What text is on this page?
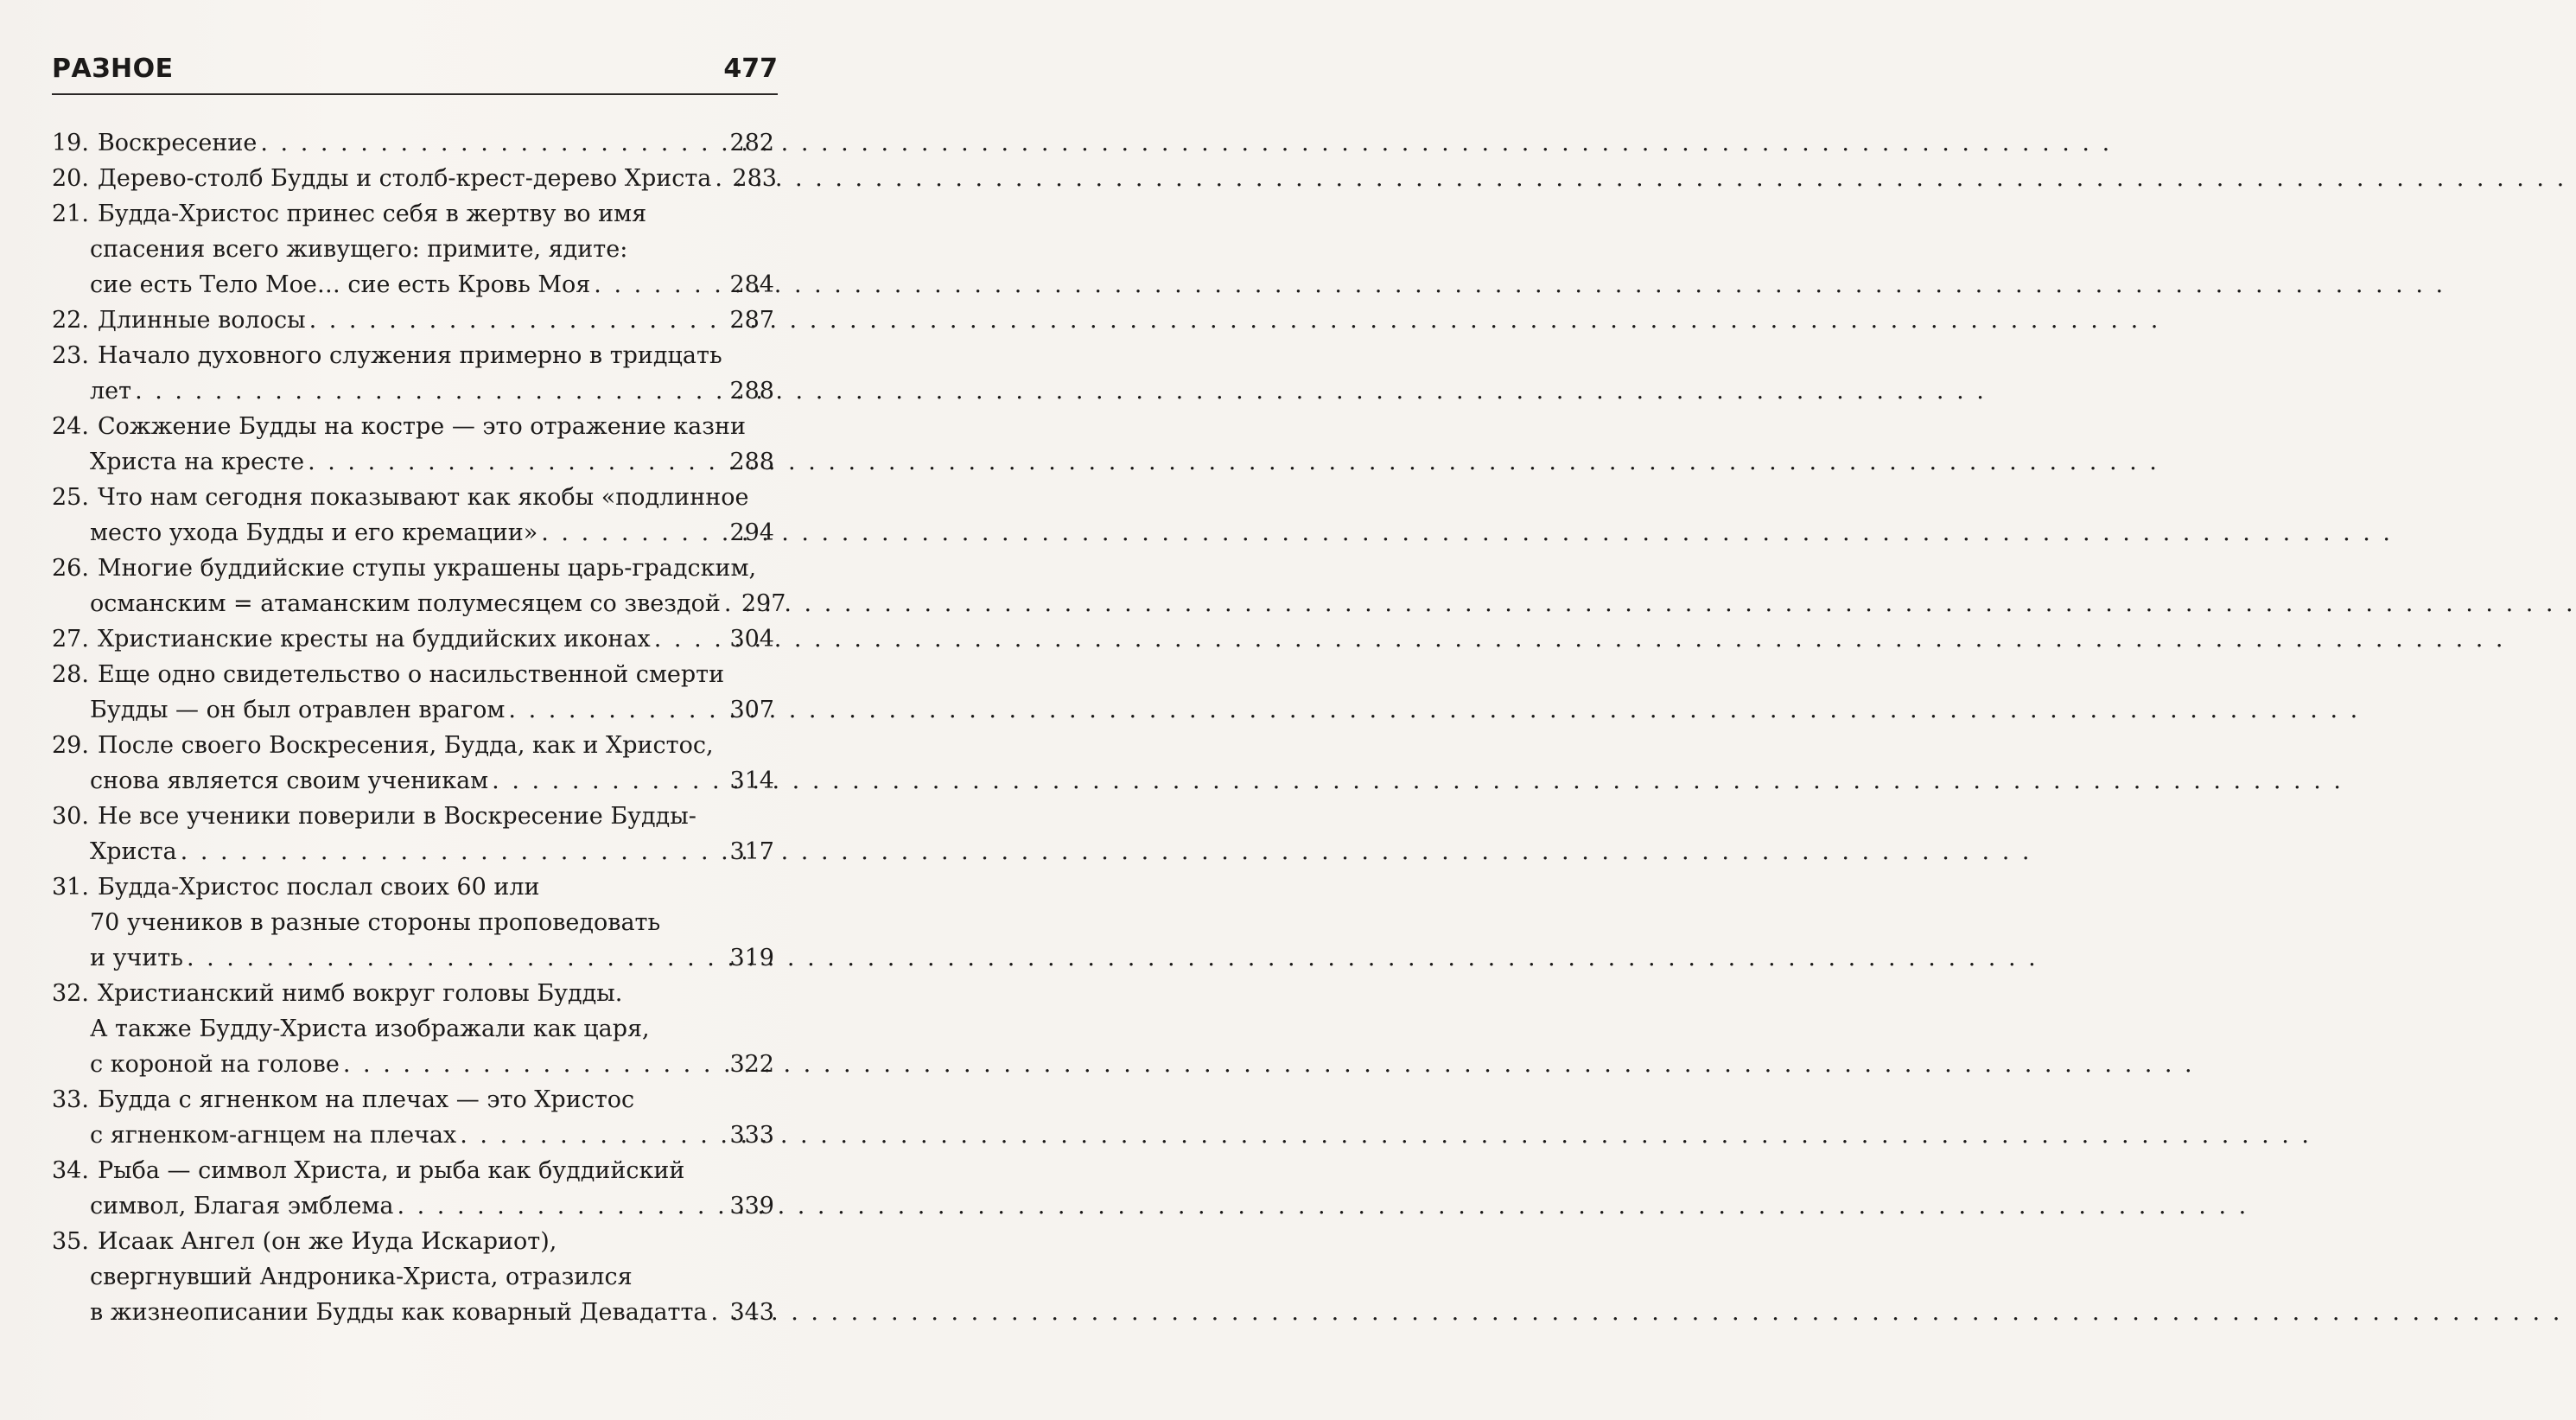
РАЗНОЕ	477
19. Воскресение . . .	282
20. Дерево-столб Будды и столб-крест-дерево Христа . . . 283
21. Будда-Христос принес себя в жертву во имя
спасения всего живущего: примите, ядите:
сие есть Тело Мое… сие есть Кровь Моя . . .	284
22. Длинные волосы . . .	287
23. Начало духовного служения примерно в тридцать
лет . . .	288
24. Сожжение Будды на костре — это отражение казни
Христа на кресте . . .	288
25. Что нам сегодня показывают как якобы «подлинное
место ухода Будды и его кремации» . . .	294
26. Многие буддийские ступы украшены царь-градским,
османским = атаманским полумесяцем со звездой . . . 297
27. Христианские кресты на буддийских иконах . . .	304
28. Еще одно свидетельство о насильственной смерти
Будды — он был отравлен врагом . . .	307
29. После своего Воскресения, Будда, как и Христос,
снова является своим ученикам . . .	314
30. Не все ученики поверили в Воскресение Будды-
Христа . . .	317
31. Будда-Христос послал своих 60 или
70 учеников в разные стороны проповедовать
и учить . . .	319
32. Христианский нимб вокруг головы Будды.
А также Будду-Христа изображали как царя,
с короной на голове . . .	322
33. Будда с ягненком на плечах — это Христос
с ягненком-агнцем на плечах . . .	333
34. Рыба — символ Христа, и рыба как буддийский
символ, Благая эмблема . . .	339
35. Исаак Ангел (он же Иуда Искариот),
свергнувший Андроника-Христа, отразился
в жизнеописании Будды как коварный Девадатта . . . 343
